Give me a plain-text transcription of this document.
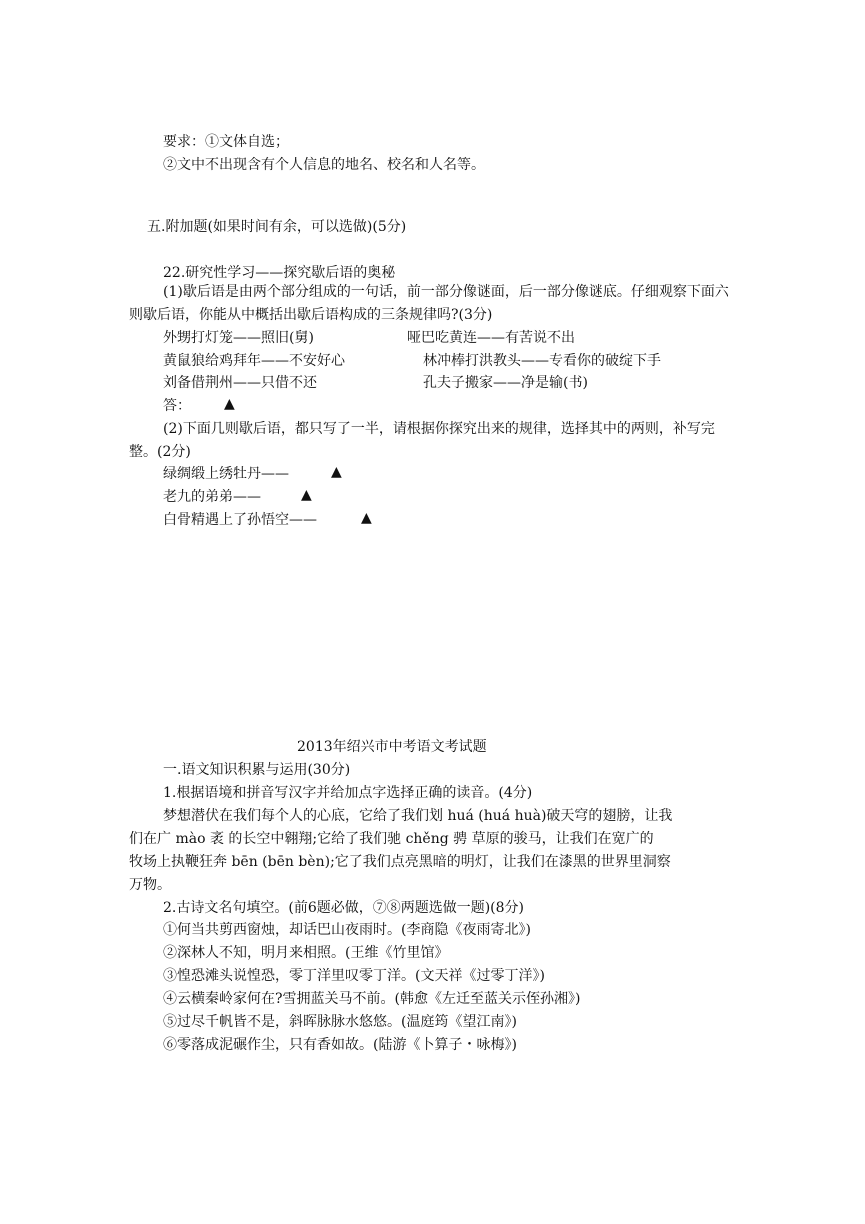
要求：①文体自选；
②文中不出现含有个人信息的地名、校名和人名等。
五.附加题(如果时间有余，可以选做)(5分)
22.研究性学习——探究歇后语的奥秘
(1)歇后语是由两个部分组成的一句话，前一部分像谜面，后一部分像谜底。仔细观察下面六则歇后语，你能从中概括出歇后语构成的三条规律吗?(3分)
外甥打灯笼——照旧(舅)	哑巴吃黄连——有苦说不出
黄鼠狼给鸡拜年——不安好心	林冲棒打洪教头——专看你的破绽下手
刘备借荆州——只借不还	孔夫子搬家——净是输(书)
答： ▲
(2)下面几则歇后语，都只写了一半，请根据你探究出来的规律，选择其中的两则，补写完整。(2分)
绿绸缎上绣牡丹——	▲
老九的弟弟——	▲
白骨精遇上了孙悟空——	▲
2013年绍兴市中考语文考试题
一.语文知识积累与运用(30分)
1.根据语境和拼音写汉字并给加点字选择正确的读音。(4分)
梦想潜伏在我们每个人的心底，它给了我们划 huá (huá huà)破天穹的翅膀，让我
们在广 mào 袤 的长空中翱翔;它给了我们驰 chěng 骋 草原的骏马，让我们在宽广的
牧场上执鞭狂奔 bēn (bēn bèn);它了我们点亮黑暗的明灯，让我们在漆黑的世界里洞察
万物。
2.古诗文名句填空。(前6题必做，⑦⑧两题选做一题)(8分)
①何当共剪西窗烛，却话巴山夜雨时。(李商隐《夜雨寄北》)
②深林人不知，明月来相照。(王维《竹里馆》
③惶恐滩头说惶恐，零丁洋里叹零丁洋。(文天祥《过零丁洋》)
④云横秦岭家何在?雪拥蓝关马不前。(韩愈《左迁至蓝关示侄孙湘》)
⑤过尽千帆皆不是，斜晖脉脉水悠悠。(温庭筠《望江南》)
⑥零落成泥碾作尘，只有香如故。(陆游《卜算子・咏梅》)
